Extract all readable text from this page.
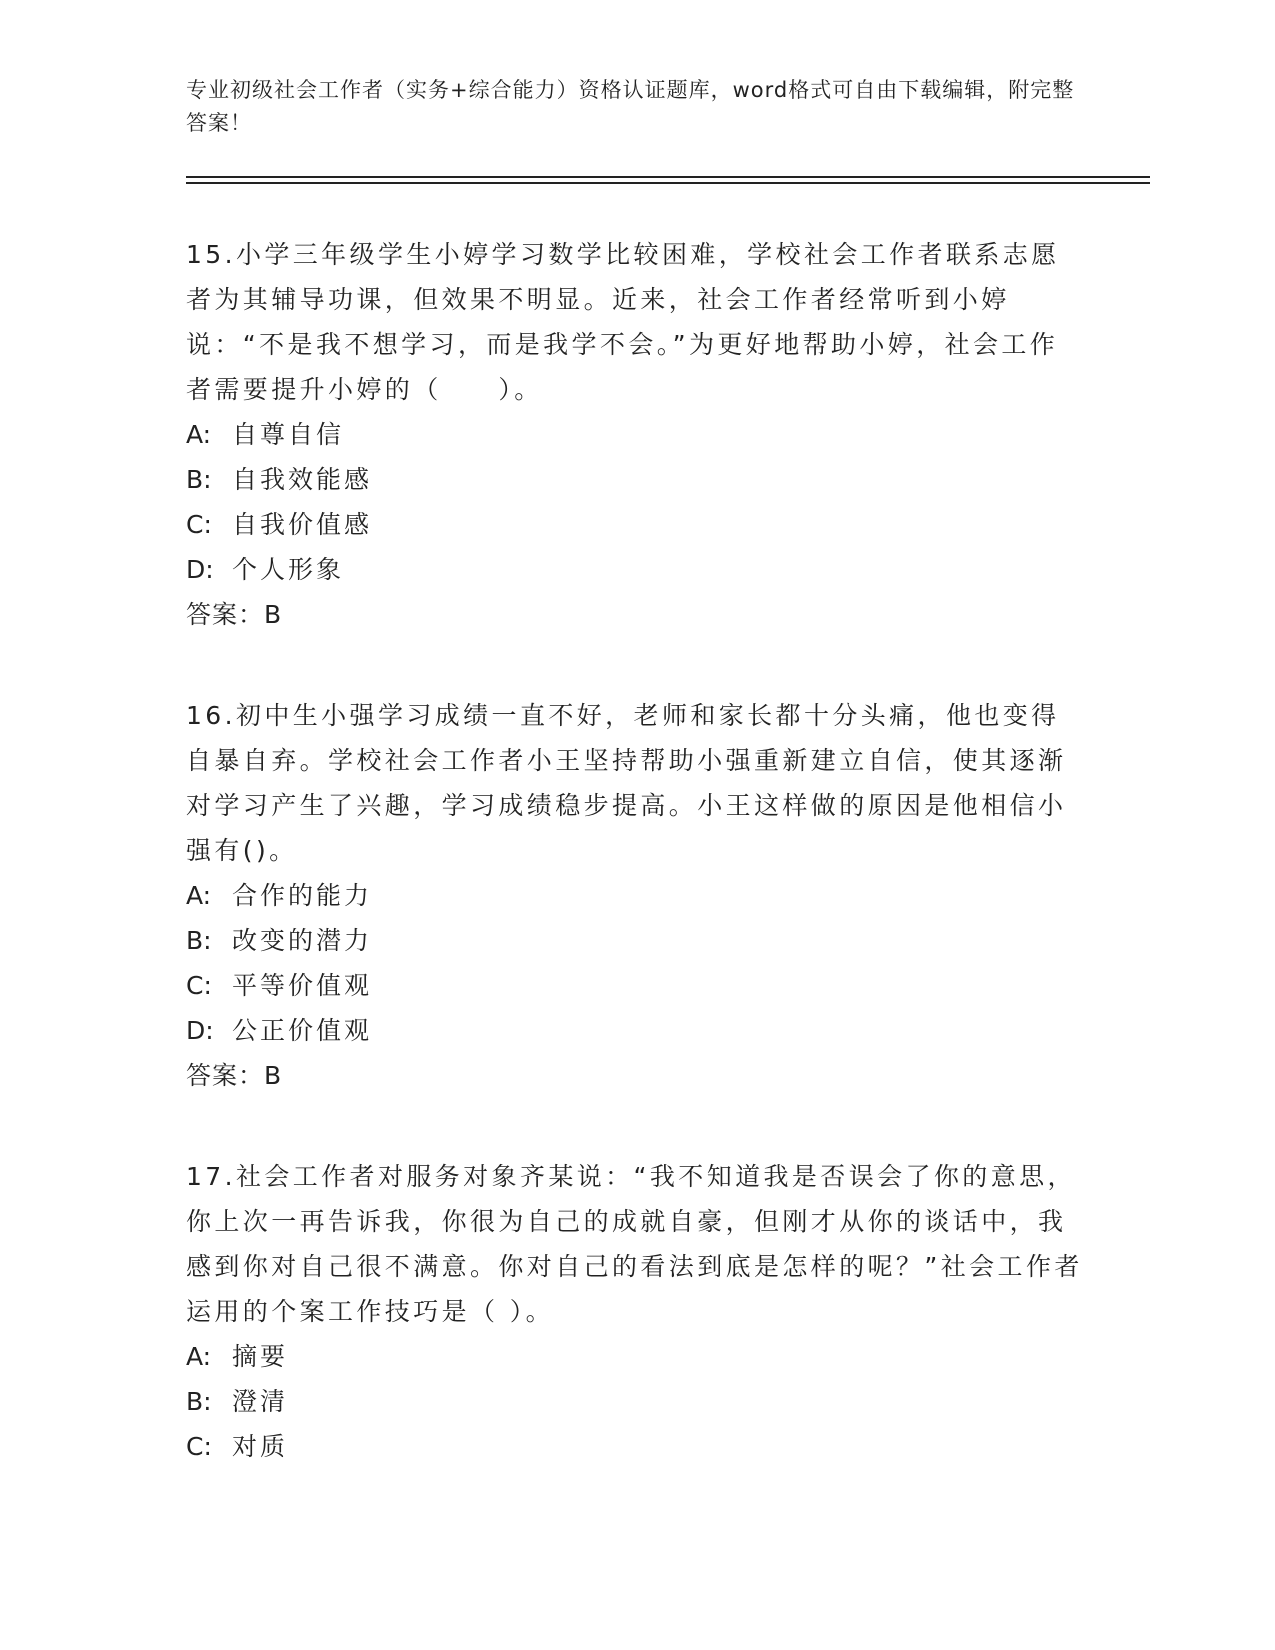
专业初级社会工作者（实务+综合能力）资格认证题库，word格式可自由下载编辑，附完整答案！

15.小学三年级学生小婷学习数学比较困难，学校社会工作者联系志愿者为其辅导功课，但效果不明显。近来，社会工作者经常听到小婷说：“不是我不想学习，而是我学不会。”为更好地帮助小婷，社会工作者需要提升小婷的（　　）。

A: 自尊自信

B: 自我效能感

C: 自我价值感

D: 个人形象

答案：B

16.初中生小强学习成绩一直不好，老师和家长都十分头痛，他也变得自暴自弃。学校社会工作者小王坚持帮助小强重新建立自信，使其逐渐对学习产生了兴趣，学习成绩稳步提高。小王这样做的原因是他相信小强有()。

A: 合作的能力

B: 改变的潜力

C: 平等价值观

D: 公正价值观

答案：B

17.社会工作者对服务对象齐某说：“我不知道我是否误会了你的意思，你上次一再告诉我，你很为自己的成就自豪，但刚才从你的谈话中，我感到你对自己很不满意。你对自己的看法到底是怎样的呢？”社会工作者运用的个案工作技巧是（ ）。

A: 摘要

B: 澄清

C: 对质
